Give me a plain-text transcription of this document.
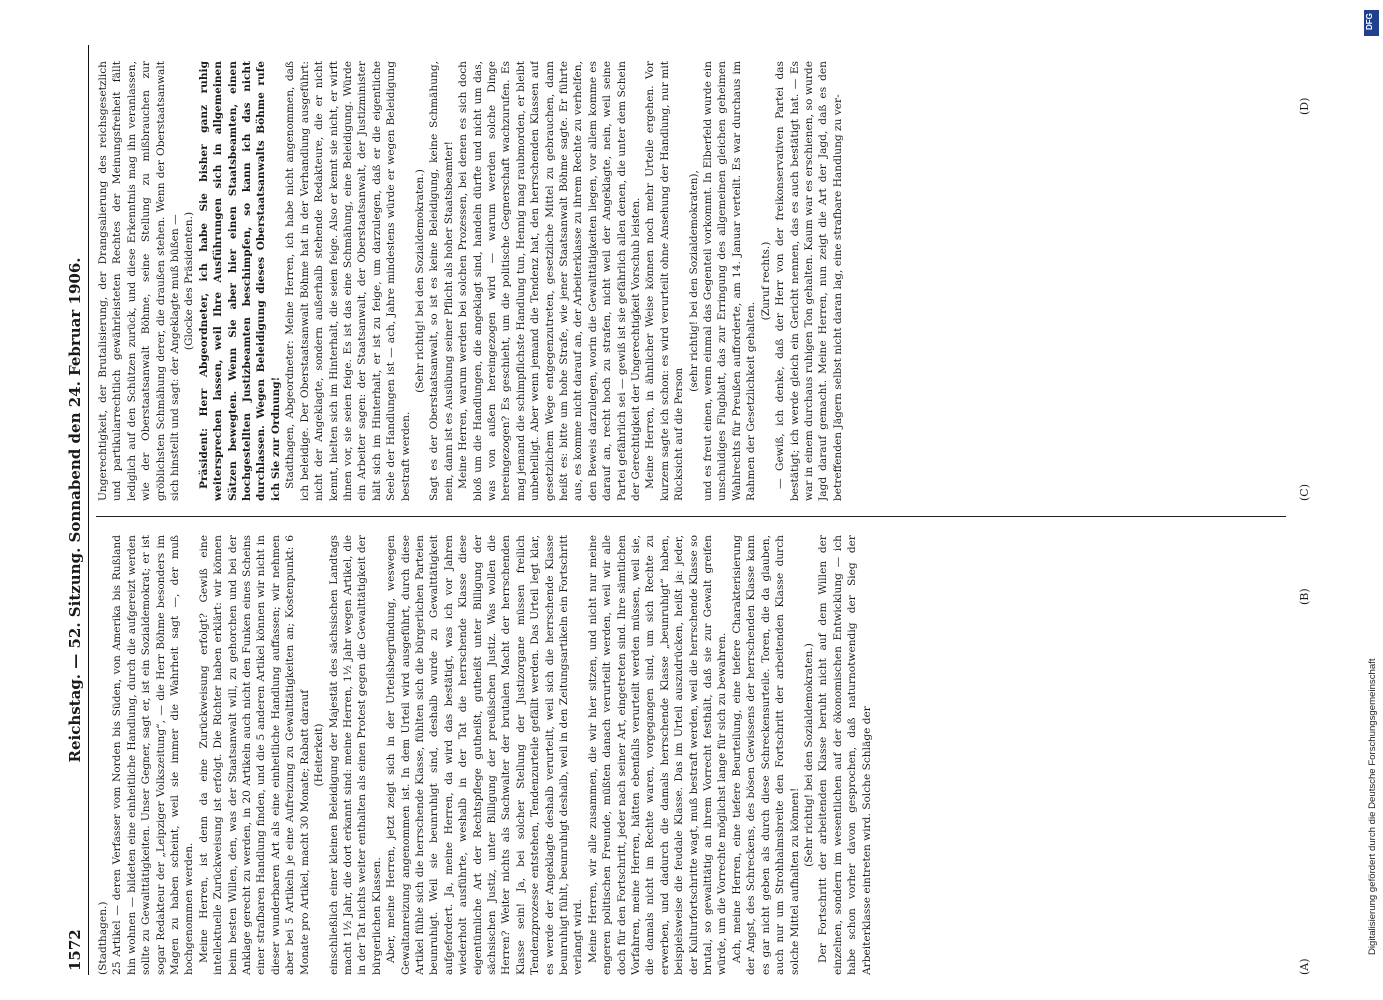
1572
Reichstag. — 52. Sitzung. Sonnabend den 24. Februar 1906.

(Stadthagen.) 25 Artikel — deren Verfasser vom Norden bis Süden, von Amerika bis Rußland hin wohnen — bildeten eine einheitliche Handlung, durch die aufgereizt werden sollte zu Gewalttätigkeiten. Unser Gegner, sagt er, ist ein Sozialdemokrat; er ist sogar Redakteur der „Leipziger Volkszeitung“, — die Herr Böhme besonders im Magen zu haben scheint, weil sie immer die Wahrheit sagt —, der muß hochgenommen werden. Meine Herren, ist denn da eine Zurückweisung erfolgt? Gewiß eine intellektuelle Zurückweisung ist erfolgt. Die Richter haben erklärt: wir können beim besten Willen, den, was der Staatsanwalt will, zu gehorchen und bei der Anklage gerecht zu werden, in 20 Artikeln auch nicht den Funken eines Scheins einer strafbaren Handlung finden, und die 5 anderen Artikel können wir nicht in dieser wunderbaren Art als eine einheitliche Handlung auffassen; wir nehmen aber bei 5 Artikeln je eine Aufreizung zu Gewalttätigkeiten an; Kostenpunkt: 6 Monate pro Artikel, macht 30 Monate; Rabatt darauf (Heiterkeit) einschließlich einer kleinen Beleidigung der Majestät des sächsischen Landtags macht 1½ Jahr, die dort erkannt sind: meine Herren, 1½ Jahr wegen Artikel, die in der Tat nichts weiter enthalten als einen Protest gegen die Gewalttätigkeit der bürgerlichen Klassen. Aber, meine Herren, jetzt zeigt sich in der Urteilsbegründung, weswegen Gewaltanreizung angenommen ist. In dem Urteil wird ausgeführt, durch diese Artikel fühle sich die herrschende Klasse, fühlten sich die bürgerlichen Parteien beunruhigt. Weil sie beunruhigt sind, deshalb wurde zu Gewalttätigkeit aufgefordert. Ja, meine Herren, da wird das bestätigt, was ich vor Jahren wiederholt ausführte, weshalb in der Tat die herrschende Klasse diese eigentümliche Art der Rechtspflege gutheißt, gutheißt unter Billigung der sächsischen Justiz, unter Billigung der preußischen Justiz. Was wollen die Herren? Weiter nichts als Sachwalter der brutalen Macht der herrschenden Klasse sein! Ja, bei solcher Stellung der Justizorgane müssen freilich Tendenzprozesse entstehen, Tendenzurteile gefällt werden. Das Urteil legt klar, es werde der Angeklagte deshalb verurteilt, weil sich die herrschende Klasse beunruhigt fühlt, beunruhigt deshalb, weil in den Zeitungsartikeln ein Fortschritt verlangt wird. Meine Herren, wir alle zusammen, die wir hier sitzen, und nicht nur meine engeren politischen Freunde, müßten danach verurteilt werden, weil wir alle doch für den Fortschritt, jeder nach seiner Art, eingetreten sind. Ihre sämtlichen Vorfahren, meine Herren, hätten ebenfalls verurteilt werden müssen, weil sie, die damals nicht im Rechte waren, vorgegangen sind, um sich Rechte zu erwerben, und dadurch die damals herrschende Klasse „beunruhigt“ haben, beispielsweise die feudale Klasse. Das im Urteil auszudrücken, heißt ja: jeder, der Kulturfortschritte wagt, muß bestraft werden, weil die herrschende Klasse so brutal, so gewalttätig an ihrem Vorrecht festhält, daß sie zur Gewalt greifen würde, um die Vorrechte möglichst lange für sich zu bewahren. Ach, meine Herren, eine tiefere Beurteilung, eine tiefere Charakterisierung der Angst, des Schreckens, des bösen Gewissens der herrschenden Klasse kann es gar nicht geben als durch diese Schreckensurteile. Toren, die da glauben, auch nur um Strohhalmsbreite den Fortschritt der arbeitenden Klasse durch solche Mittel aufhalten zu können!

(Sehr richtig! bei den Sozialdemokraten.) Der Fortschritt der arbeitenden Klasse beruht nicht auf dem Willen der einzelnen, sondern im wesentlichen auf der ökonomischen Entwicklung — ich habe schon vorher davon gesprochen, daß naturnotwendig der Sieg der Arbeiterklasse eintreten wird. Solche Schläge der

Ungerechtigkeit, der Brutalisierung, der Drangsalierung des reichsgesetzlich und partikularrechtlich gewährleisteten Rechtes der Meinungsfreiheit fällt lediglich auf den Schützen zurück, und diese Erkenntnis mag ihn veranlassen, wie der Oberstaatsanwalt Böhme, seine Stellung zu mißbrauchen zur gröblichsten Schmähung derer, die draußen stehen. Wenn der Oberstaatsanwalt sich hinstellt und sagt: der Angeklagte muß büßen — (Glocke des Präsidenten.) Präsident: Herr Abgeordneter, ich habe Sie bisher ganz ruhig weitersprechen lassen, weil Ihre Ausführungen sich in allgemeinen Sätzen bewegten. Wenn Sie aber hier einen Staatsbeamten, einen hochgestellten Justizbeamten beschimpfen, so kann ich das nicht durchlassen. Wegen Beleidigung dieses Oberstaatsanwalts Böhme rufe ich Sie zur Ordnung! Stadthagen, Abgeordneter: Meine Herren, ich habe nicht angenommen, daß ich beleidige. Der Oberstaatsanwalt Böhme hat in der Verhandlung ausgeführt: nicht der Angeklagte, sondern außerhalb stehende Redakteure, die er nicht kennt, hielten sich im Hinterhalt, die seien feige. Also er kennt sie nicht, er wirft ihnen vor, sie seien feige. Es ist das eine Schmähung, eine Beleidigung. Würde ein Arbeiter sagen: der Staatsanwalt, der Oberstaatsanwalt, der Justizminister hält sich im Hinterhalt, er ist zu feige, um darzulegen, daß er die eigentliche Seele der Handlungen ist — ach, Jahre mindestens würde er wegen Beleidigung bestraft werden.

(Sehr richtig! bei den Sozialdemokraten.) Sagt es der Oberstaatsanwalt, so ist es keine Beleidigung, keine Schmähung, nein, dann ist es Ausübung seiner Pflicht als hoher Staatsbeamter! Meine Herren, warum werden bei solchen Prozessen, bei denen es sich doch bloß um die Handlungen, die angeklagt sind, handeln dürfte und nicht um das, was von außen hereingezogen wird — warum werden solche Dinge hereingezogen? Es geschieht, um die politische Gegnerschaft wachzurufen. Es mag jemand die schimpflichste Handlung tun, Hennig mag raubmorden, er bleibt unbehelligt. Aber wenn jemand die Tendenz hat, den herrschenden Klassen auf gesetzlichem Wege entgegenzutreten, gesetzliche Mittel zu gebrauchen, dann heißt es: bitte um hohe Strafe, wie jener Staatsanwalt Böhme sagte. Er führte aus, es komme nicht darauf an, der Arbeiterklasse zu ihrem Rechte zu verhelfen, den Beweis darzulegen, worin die Gewalttätigkeiten liegen, vor allem komme es darauf an, recht hoch zu strafen, nicht weil der Angeklagte, nein, weil seine Partei gefährlich sei — gewiß ist sie gefährlich allen denen, die unter dem Schein der Gerechtigkeit der Ungerechtigkeit Vorschub leisten. Meine Herren, in ähnlicher Weise können noch mehr Urteile ergehen. Vor kurzem sagte ich schon: es wird verurteilt ohne Ansehung der Handlung, nur mit Rücksicht auf die Person

(sehr richtig! bei den Sozialdemokraten), und es freut einen, wenn einmal das Gegenteil vorkommt. In Elberfeld wurde ein unschuldiges Flugblatt, das zur Erringung des allgemeinen gleichen geheimen Wahlrechts für Preußen aufforderte, am 14. Januar verteilt. Es war durchaus im Rahmen der Gesetzlichkeit gehalten.

(Zuruf rechts.) — Gewiß, ich denke, daß der Herr von der freikonservativen Partei das bestätigt; ich werde gleich ein Gericht nennen, das es auch bestätigt hat. — Es war in einem durchaus ruhigen Ton gehalten. Kaum war es erschienen, so wurde Jagd darauf gemacht. Meine Herren, nun zeigt die Art der Jagd, daß es den betreffenden Jägern selbst nicht daran lag, eine strafbare Handlung zu ver-

(A)
(B)
(C)
(D)
DFG
Digitalisierung gefördert durch die Deutsche Forschungsgemeinschaft
